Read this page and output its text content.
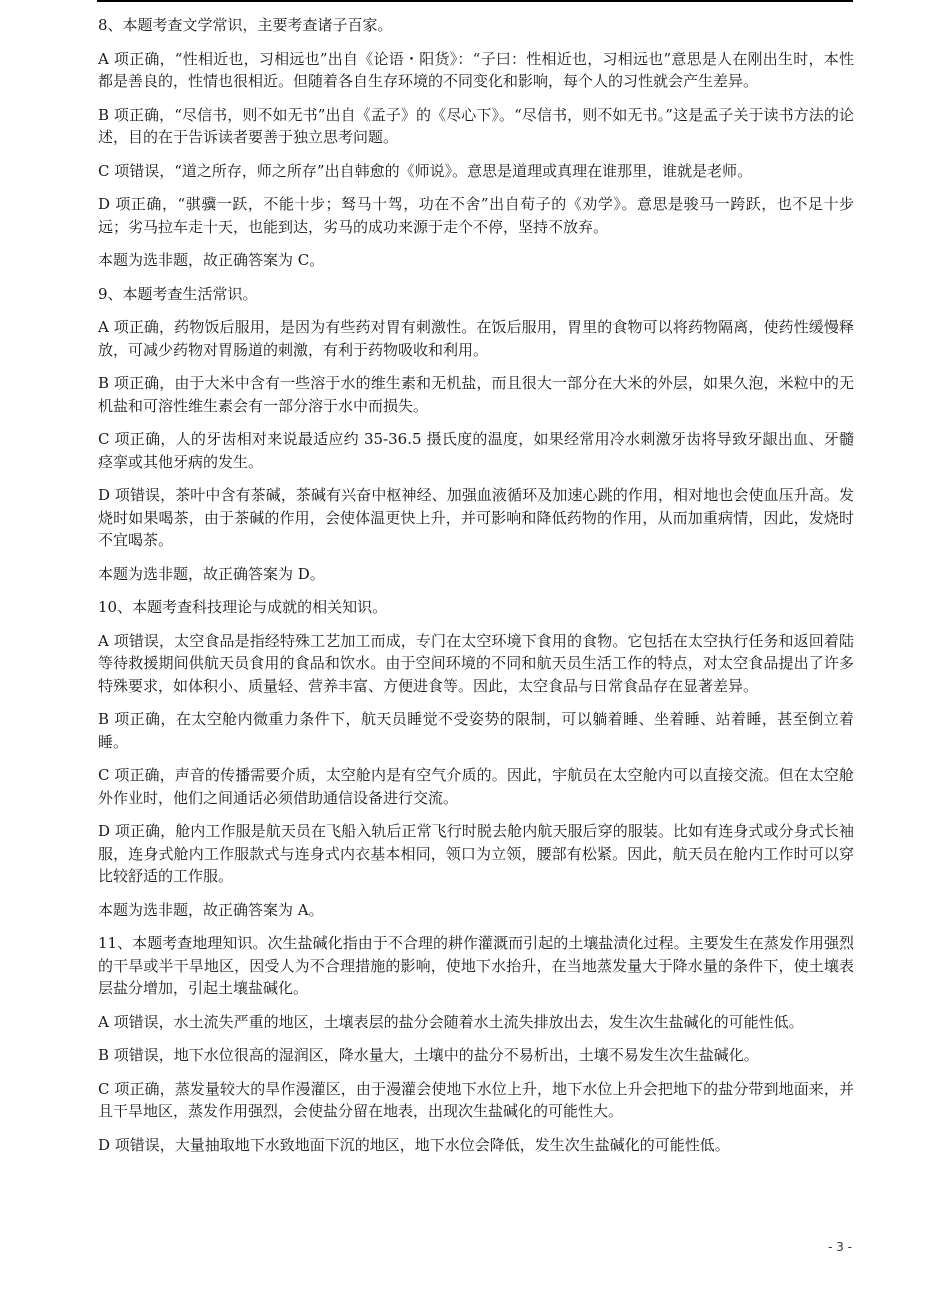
8、本题考查文学常识，主要考查诸子百家。

A 项正确，“性相近也，习相远也”出自《论语・阳货》：“子曰：性相近也，习相远也”意思是人在刚出生时，本性都是善良的，性情也很相近。但随着各自生存环境的不同变化和影响，每个人的习性就会产生差异。

B 项正确，“尽信书，则不如无书”出自《孟子》的《尽心下》。“尽信书，则不如无书。”这是孟子关于读书方法的论述，目的在于告诉读者要善于独立思考问题。

C 项错误，“道之所存，师之所存”出自韩愈的《师说》。意思是道理或真理在谁那里，谁就是老师。

D 项正确，“骐骥一跃，不能十步；驽马十驾，功在不舍”出自荀子的《劝学》。意思是骏马一跨跃，也不足十步远；劣马拉车走十天，也能到达，劣马的成功来源于走个不停，坚持不放弃。

本题为选非题，故正确答案为 C。

9、本题考查生活常识。

A 项正确，药物饭后服用，是因为有些药对胃有刺激性。在饭后服用，胃里的食物可以将药物隔离，使药性缓慢释放，可减少药物对胃肠道的刺激，有利于药物吸收和利用。

B 项正确，由于大米中含有一些溶于水的维生素和无机盐，而且很大一部分在大米的外层，如果久泡，米粒中的无机盐和可溶性维生素会有一部分溶于水中而损失。

C 项正确，人的牙齿相对来说最适应约 35-36.5 摄氏度的温度，如果经常用冷水刺激牙齿将导致牙龈出血、牙髓痉挛或其他牙病的发生。

D 项错误，茶叶中含有茶碱，茶碱有兴奋中枢神经、加强血液循环及加速心跳的作用，相对地也会使血压升高。发烧时如果喝茶，由于茶碱的作用，会使体温更快上升，并可影响和降低药物的作用，从而加重病情，因此，发烧时不宜喝茶。

本题为选非题，故正确答案为 D。

10、本题考查科技理论与成就的相关知识。

A 项错误，太空食品是指经特殊工艺加工而成，专门在太空环境下食用的食物。它包括在太空执行任务和返回着陆等待救援期间供航天员食用的食品和饮水。由于空间环境的不同和航天员生活工作的特点，对太空食品提出了许多特殊要求，如体积小、质量轻、营养丰富、方便进食等。因此，太空食品与日常食品存在显著差异。

B 项正确，在太空舱内微重力条件下，航天员睡觉不受姿势的限制，可以躺着睡、坐着睡、站着睡，甚至倒立着睡。

C 项正确，声音的传播需要介质，太空舱内是有空气介质的。因此，宇航员在太空舱内可以直接交流。但在太空舱外作业时，他们之间通话必须借助通信设备进行交流。

D 项正确，舱内工作服是航天员在飞船入轨后正常飞行时脱去舱内航天服后穿的服装。比如有连身式或分身式长袖服，连身式舱内工作服款式与连身式内衣基本相同，领口为立领，腰部有松紧。因此，航天员在舱内工作时可以穿比较舒适的工作服。

本题为选非题，故正确答案为 A。

11、本题考查地理知识。次生盐碱化指由于不合理的耕作灌溉而引起的土壤盐渍化过程。主要发生在蒸发作用强烈的干旱或半干旱地区，因受人为不合理措施的影响，使地下水抬升，在当地蒸发量大于降水量的条件下，使土壤表层盐分增加，引起土壤盐碱化。

A 项错误，水土流失严重的地区，土壤表层的盐分会随着水土流失排放出去，发生次生盐碱化的可能性低。

B 项错误，地下水位很高的湿润区，降水量大，土壤中的盐分不易析出，土壤不易发生次生盐碱化。

C 项正确，蒸发量较大的旱作漫灌区，由于漫灌会使地下水位上升，地下水位上升会把地下的盐分带到地面来，并且干旱地区，蒸发作用强烈，会使盐分留在地表，出现次生盐碱化的可能性大。

D 项错误，大量抽取地下水致地面下沉的地区，地下水位会降低，发生次生盐碱化的可能性低。

- 3 -
